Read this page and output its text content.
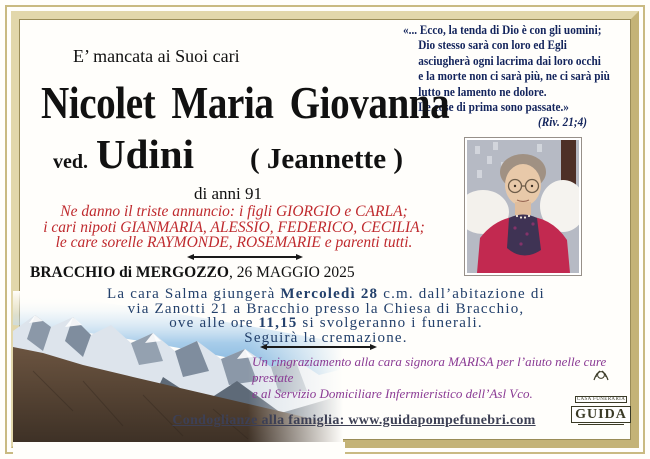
«... Ecco, la tenda di Dio è con gli uomini;
Dio stesso sarà con loro ed Egli
asciugherà ogni lacrima dai loro occhi
e la morte non ci sarà più, ne ci sarà più
lutto ne lamento ne dolore.
Le cose di prima sono passate.»
(Riv. 21;4)
E’ mancata ai Suoi cari
Nicolet Maria Giovanna
ved. Udini ( Jeannette )
di anni 91
Ne danno il triste annuncio: i figli GIORGIO e CARLA;
i cari nipoti GIANMARIA, ALESSIO, FEDERICO, CECILIA;
le care sorelle RAYMONDE, ROSEMARIE e parenti tutti.
BRACCHIO di MERGOZZO, 26 MAGGIO 2025
La cara Salma giungerà Mercoledì 28 c.m. dall’abitazione di
via Zanotti 21 a Bracchio presso la Chiesa di Bracchio,
ove alle ore 11,15 si svolgeranno i funerali.
Seguirà la cremazione.
Un ringraziamento alla cara signora MARISA per l’aiuto nelle cure prestate
e al Servizio Domiciliare Infermieristico dell’Asl Vco.	CASA FUNERARIA
GUIDA
Condoglianze alla famiglia: www.guidapompefunebri.com
